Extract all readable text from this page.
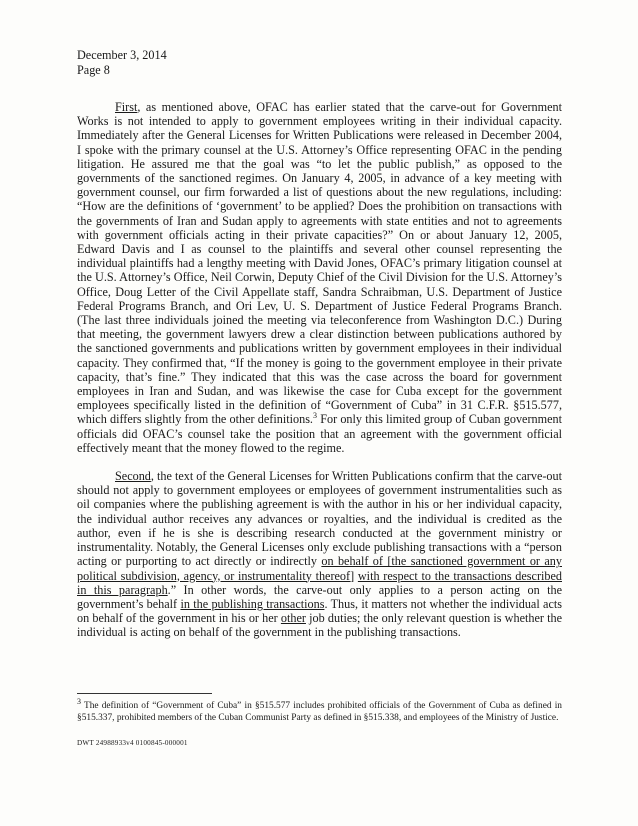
December 3, 2014
Page 8

First, as mentioned above, OFAC has earlier stated that the carve-out for Government Works is not intended to apply to government employees writing in their individual capacity. Immediately after the General Licenses for Written Publications were released in December 2004, I spoke with the primary counsel at the U.S. Attorney’s Office representing OFAC in the pending litigation. He assured me that the goal was “to let the public publish,” as opposed to the governments of the sanctioned regimes. On January 4, 2005, in advance of a key meeting with government counsel, our firm forwarded a list of questions about the new regulations, including: “How are the definitions of ‘government’ to be applied? Does the prohibition on transactions with the governments of Iran and Sudan apply to agreements with state entities and not to agreements with government officials acting in their private capacities?” On or about January 12, 2005, Edward Davis and I as counsel to the plaintiffs and several other counsel representing the individual plaintiffs had a lengthy meeting with David Jones, OFAC’s primary litigation counsel at the U.S. Attorney’s Office, Neil Corwin, Deputy Chief of the Civil Division for the U.S. Attorney’s Office, Doug Letter of the Civil Appellate staff, Sandra Schraibman, U.S. Department of Justice Federal Programs Branch, and Ori Lev, U. S. Department of Justice Federal Programs Branch. (The last three individuals joined the meeting via teleconference from Washington D.C.) During that meeting, the government lawyers drew a clear distinction between publications authored by the sanctioned governments and publications written by government employees in their individual capacity. They confirmed that, “If the money is going to the government employee in their private capacity, that’s fine.” They indicated that this was the case across the board for government employees in Iran and Sudan, and was likewise the case for Cuba except for the government employees specifically listed in the definition of “Government of Cuba” in 31 C.F.R. §515.577, which differs slightly from the other definitions.$^3$ For only this limited group of Cuban government officials did OFAC’s counsel take the position that an agreement with the government official effectively meant that the money flowed to the regime.

Second, the text of the General Licenses for Written Publications confirm that the carve-out should not apply to government employees or employees of government instrumentalities such as oil companies where the publishing agreement is with the author in his or her individual capacity, the individual author receives any advances or royalties, and the individual is credited as the author, even if he is she is describing research conducted at the government ministry or instrumentality. Notably, the General Licenses only exclude publishing transactions with a “person acting or purporting to act directly or indirectly on behalf of [the sanctioned government or any political subdivision, agency, or instrumentality thereof] with respect to the transactions described in this paragraph.” In other words, the carve-out only applies to a person acting on the government’s behalf in the publishing transactions. Thus, it matters not whether the individual acts on behalf of the government in his or her other job duties; the only relevant question is whether the individual is acting on behalf of the government in the publishing transactions.

$^3$ The definition of “Government of Cuba” in §515.577 includes prohibited officials of the Government of Cuba as defined in §515.337, prohibited members of the Cuban Communist Party as defined in §515.338, and employees of the Ministry of Justice.
DWT 24988933v4 0100845-000001
